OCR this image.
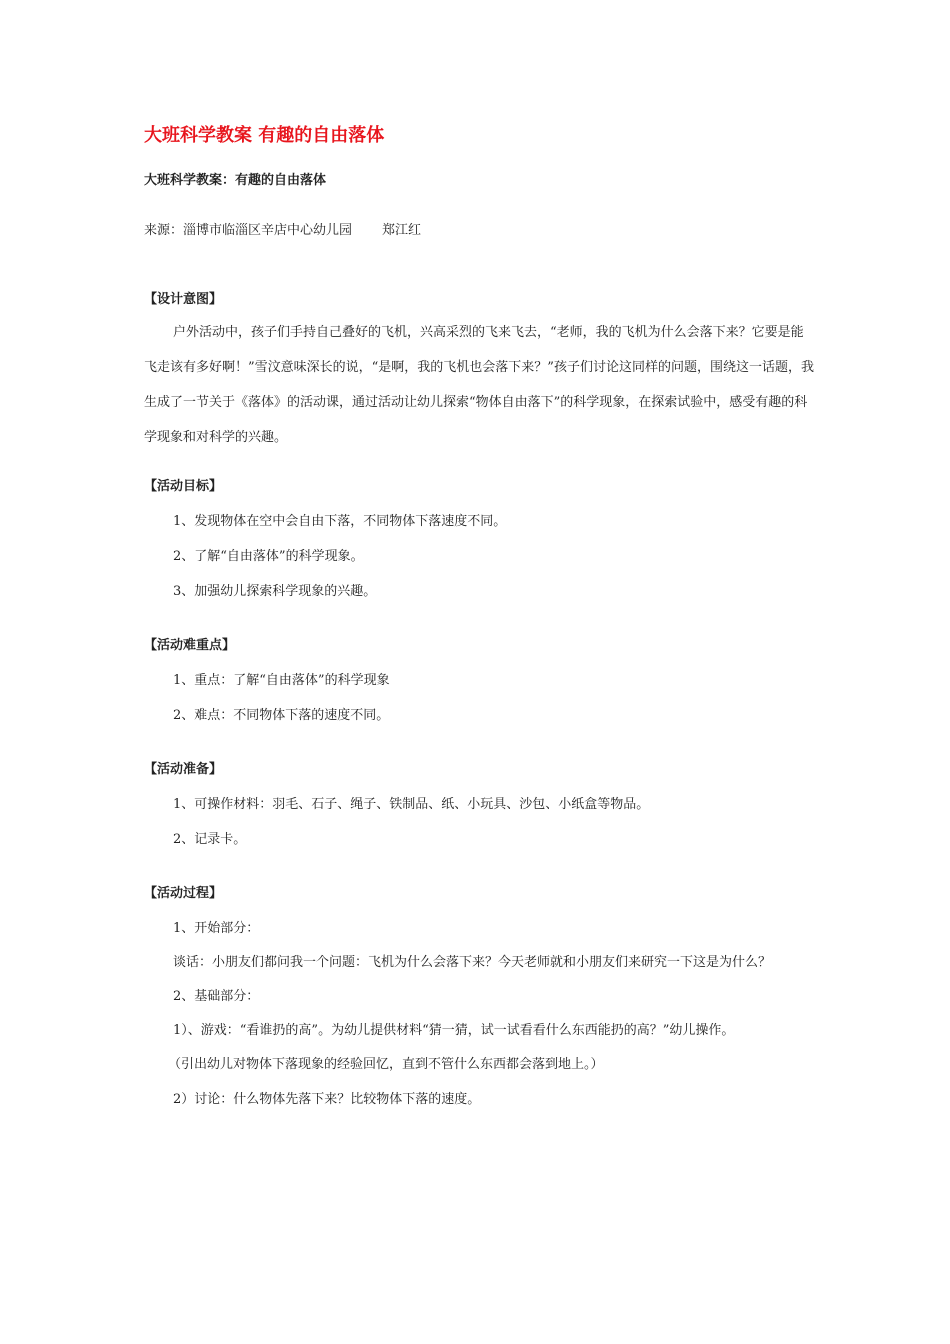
大班科学教案 有趣的自由落体
大班科学教案：有趣的自由落体
来源：淄博市临淄区辛店中心幼儿园 郑江红
【设计意图】

户外活动中，孩子们手持自己叠好的飞机，兴高采烈的飞来飞去，“老师，我的飞机为什么会落下来？它要是能飞走该有多好啊！”雪汶意味深长的说，“是啊，我的飞机也会落下来？”孩子们讨论这同样的问题，围绕这一话题，我生成了一节关于《落体》的活动课，通过活动让幼儿探索“物体自由落下”的科学现象，在探索试验中，感受有趣的科学现象和对科学的兴趣。

【活动目标】
1、发现物体在空中会自由下落，不同物体下落速度不同。
2、了解“自由落体”的科学现象。
3、加强幼儿探索科学现象的兴趣。
【活动难重点】
1、重点：了解“自由落体”的科学现象
2、难点：不同物体下落的速度不同。
【活动准备】
1、可操作材料：羽毛、石子、绳子、铁制品、纸、小玩具、沙包、小纸盒等物品。
2、记录卡。
【活动过程】
1、开始部分：

谈话：小朋友们都问我一个问题：飞机为什么会落下来？今天老师就和小朋友们来研究一下这是为什么？

2、基础部分：

1）、游戏：“看谁扔的高”。为幼儿提供材料“猜一猜，试一试看看什么东西能扔的高？”幼儿操作。

（引出幼儿对物体下落现象的经验回忆，直到不管什么东西都会落到地上。）
2）讨论：什么物体先落下来？比较物体下落的速度。
